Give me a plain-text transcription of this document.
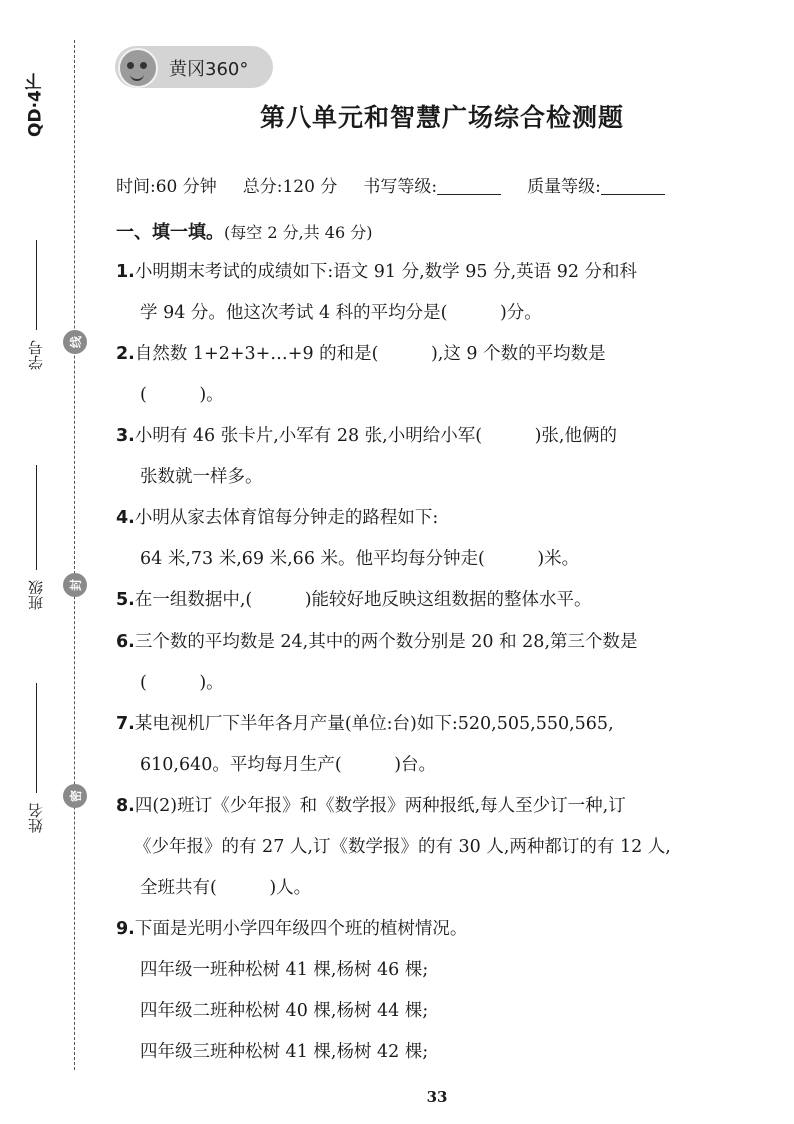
QD·4下
线
封
密
学号
班级
姓名
黄冈360°
第八单元和智慧广场综合检测题
时间:60 分钟 总分:120 分 书写等级:	质量等级:
一、填一填。(每空 2 分,共 46 分)
1.小明期末考试的成绩如下:语文 91 分,数学 95 分,英语 92 分和科
学 94 分。他这次考试 4 科的平均分是(　　　)分。
2.自然数 1+2+3+…+9 的和是(　　　),这 9 个数的平均数是
(　　　)。
3.小明有 46 张卡片,小军有 28 张,小明给小军(　　　)张,他俩的
张数就一样多。
4.小明从家去体育馆每分钟走的路程如下:
64 米,73 米,69 米,66 米。他平均每分钟走(　　　)米。
5.在一组数据中,(　　　)能较好地反映这组数据的整体水平。
6.三个数的平均数是 24,其中的两个数分别是 20 和 28,第三个数是
(　　　)。
7.某电视机厂下半年各月产量(单位:台)如下:520,505,550,565,
610,640。平均每月生产(　　　)台。
8.四(2)班订《少年报》和《数学报》两种报纸,每人至少订一种,订
《少年报》的有 27 人,订《数学报》的有 30 人,两种都订的有 12 人,
全班共有(　　　)人。
9.下面是光明小学四年级四个班的植树情况。
四年级一班种松树 41 棵,杨树 46 棵;
四年级二班种松树 40 棵,杨树 44 棵;
四年级三班种松树 41 棵,杨树 42 棵;
33
